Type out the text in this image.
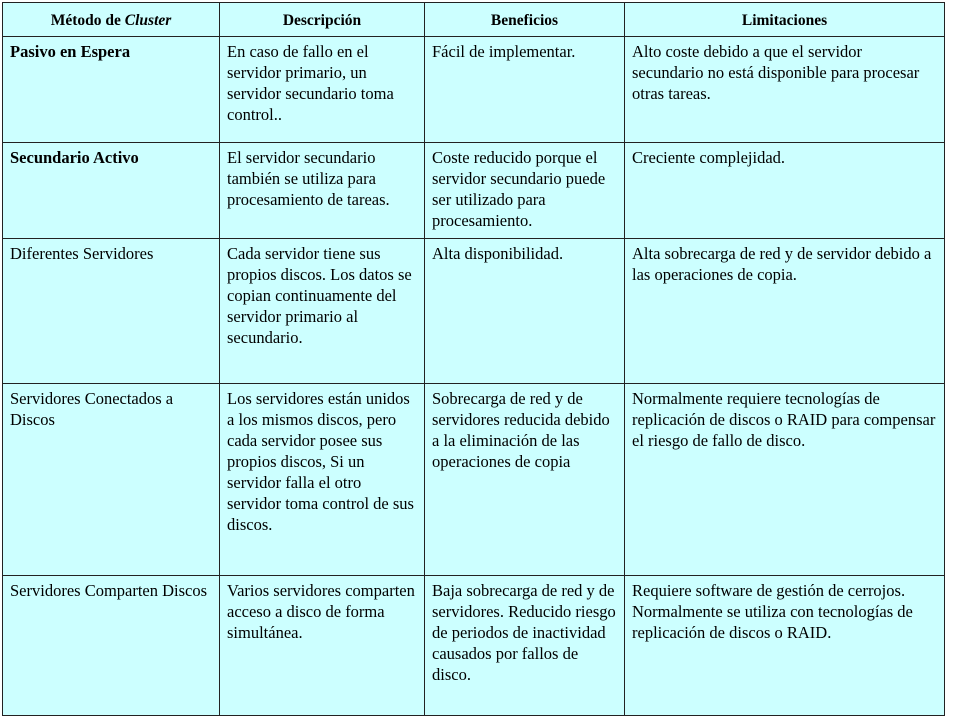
Método de Cluster	Descripción	Beneficios	Limitaciones
Pasivo en Espera	En caso de fallo en el servidor primario, un servidor secundario toma control..	Fácil de implementar.	Alto coste debido a que el servidor secundario no está disponible para procesar otras tareas.
Secundario Activo	El servidor secundario también se utiliza para procesamiento de tareas.	Coste reducido porque el servidor secundario puede ser utilizado para procesamiento.	Creciente complejidad.
Diferentes Servidores	Cada servidor tiene sus propios discos. Los datos se copian continuamente del servidor primario al secundario.	Alta disponibilidad.	Alta sobrecarga de red y de servidor debido a las operaciones de copia.
Servidores Conectados a Discos	Los servidores están unidos a los mismos discos, pero cada servidor posee sus propios discos, Si un servidor falla el otro servidor toma control de sus discos.	Sobrecarga de red y de servidores reducida debido a la eliminación de las operaciones de copia	Normalmente requiere tecnologías de replicación de discos o RAID para compensar el riesgo de fallo de disco.
Servidores Comparten Discos	Varios servidores comparten acceso a disco de forma simultánea.	Baja sobrecarga de red y de servidores. Reducido riesgo de periodos de inactividad causados por fallos de disco.	Requiere software de gestión de cerrojos. Normalmente se utiliza con tecnologías de replicación de discos o RAID.
